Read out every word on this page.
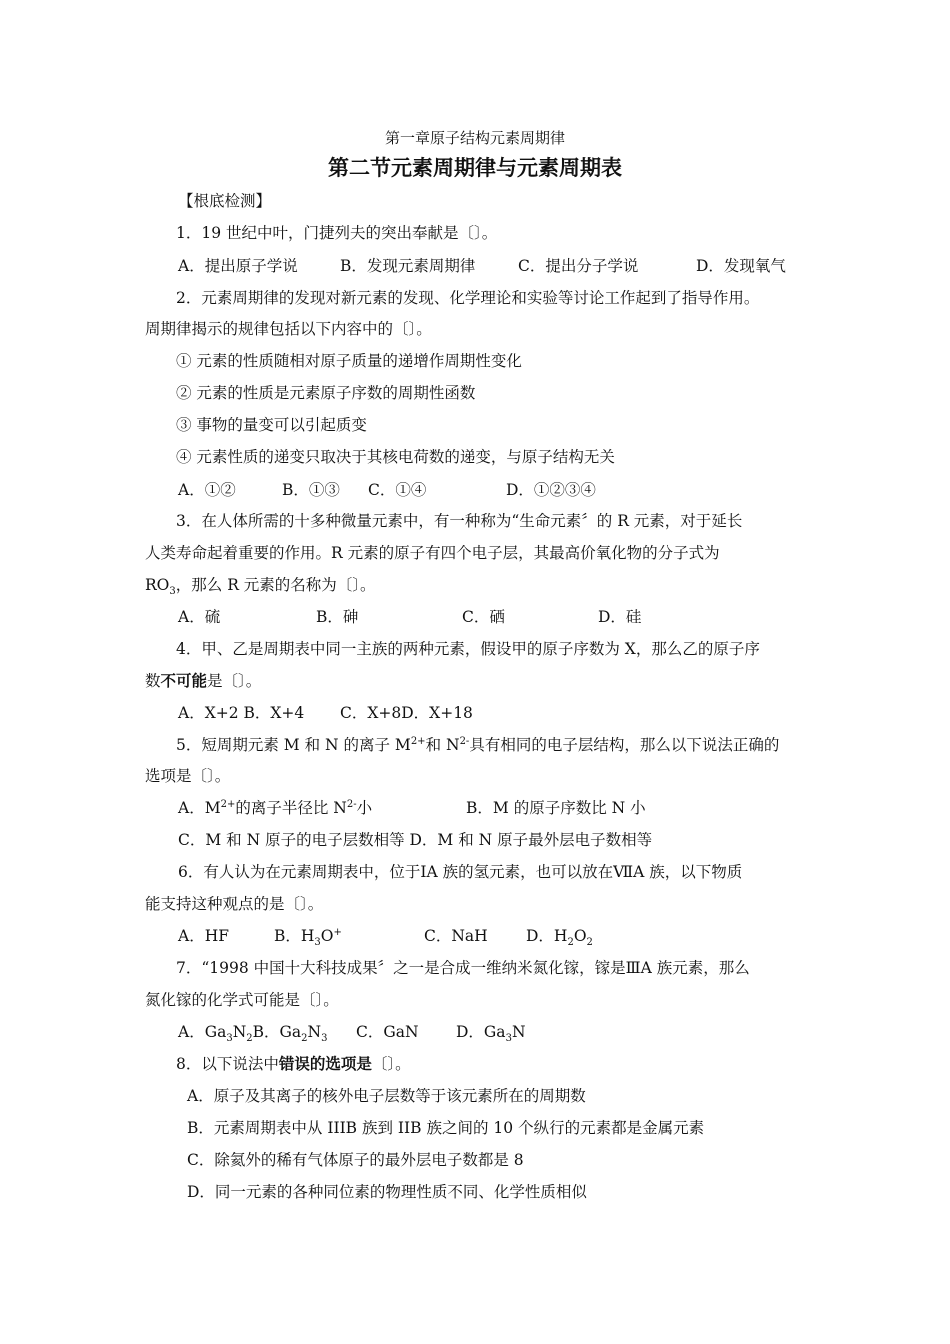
第一章原子结构元素周期律
第二节元素周期律与元素周期表
【根底检测】
1．19 世纪中叶，门捷列夫的突出奉献是〔〕。
A．提出原子学说	B．发现元素周期律	C．提出分子学说	D．发现氧气
2．元素周期律的发现对新元素的发现、化学理论和实验等讨论工作起到了指导作用。
周期律揭示的规律包括以下内容中的〔〕。
① 元素的性质随相对原子质量的递增作周期性变化
② 元素的性质是元素原子序数的周期性函数
③ 事物的量变可以引起质变
④ 元素性质的递变只取决于其核电荷数的递变，与原子结构无关
A．①②	B．①③ C．①④	D．①②③④
3．在人体所需的十多种微量元素中，有一种称为“生命元素〞的 R 元素，对于延长
人类寿命起着重要的作用。R 元素的原子有四个电子层，其最高价氧化物的分子式为
$RO_3$，那么 R 元素的名称为〔〕。
A．硫	B．砷	C．硒	D．硅
4．甲、乙是周期表中同一主族的两种元素，假设甲的原子序数为 X，那么乙的原子序
数不可能是〔〕。
A．X+2 B．X+4 C．X+8D．X+18
5．短周期元素 M 和 N 的离子 $M^{2+}$和 $N^{2-}$具有相同的电子层结构，那么以下说法正确的
选项是〔〕。
A．$M^{2+}$的离子半径比 $N^{2-}$小	B．M 的原子序数比 N 小
C．M 和 N 原子的电子层数相等 D．M 和 N 原子最外层电子数相等
6．有人认为在元素周期表中，位于ⅠA 族的氢元素，也可以放在ⅦA 族，以下物质
能支持这种观点的是〔〕。
A．HF	B．$H_3O^+$	C．NaH D．$H_2O_2$
7．“1998 中国十大科技成果〞之一是合成一维纳米氮化镓，镓是ⅢA 族元素，那么
氮化镓的化学式可能是〔〕。
A．$Ga_3N_2B$．$Ga_2N_3$ C．GaN D．$Ga_3N$
8．以下说法中错误的选项是〔〕。
A．原子及其离子的核外电子层数等于该元素所在的周期数
B．元素周期表中从 IIIB 族到 IIB 族之间的 10 个纵行的元素都是金属元素
C．除氦外的稀有气体原子的最外层电子数都是 8
D．同一元素的各种同位素的物理性质不同、化学性质相似
